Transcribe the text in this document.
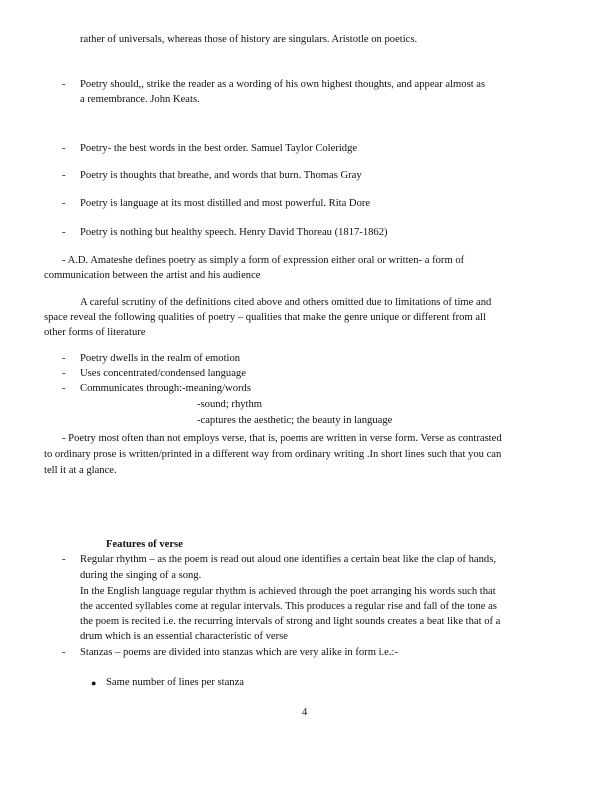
rather of universals, whereas those of history are singulars. Aristotle on poetics.
- Poetry should,, strike the reader as a wording of his own highest thoughts, and appear almost as
a remembrance. John Keats.
- Poetry- the best words in the best order. Samuel Taylor Coleridge
- Poetry is thoughts that breathe, and words that burn. Thomas Gray
- Poetry is language at its most distilled and most powerful. Rita Dore
- Poetry is nothing but healthy speech. Henry David Thoreau (1817-1862)
- A.D. Amateshe defines poetry as simply a form of expression either oral or written- a form of
communication between the artist and his audience
A careful scrutiny of the definitions cited above and others omitted due to limitations of time and
space reveal the following qualities of poetry – qualities that make the genre unique or different from all
other forms of literature
- Poetry dwells in the realm of emotion
- Uses concentrated/condensed language
- Communicates through:-meaning/words
-sound; rhythm
-captures the aesthetic; the beauty in language
- Poetry most often than not employs verse, that is, poems are written in verse form. Verse as contrasted
to ordinary prose is written/printed in a different way from ordinary writing .In short lines such that you can
tell it at a glance.
Features of verse
- Regular rhythm – as the poem is read out aloud one identifies a certain beat like the clap of hands,
during the singing of a song.
In the English language regular rhythm is achieved through the poet arranging his words such that
the accented syllables come at regular intervals. This produces a regular rise and fall of the tone as
the poem is recited i.e. the recurring intervals of strong and light sounds creates a beat like that of a
drum which is an essential characteristic of verse
- Stanzas – poems are divided into stanzas which are very alike in form i.e.:-
● Same number of lines per stanza
4
